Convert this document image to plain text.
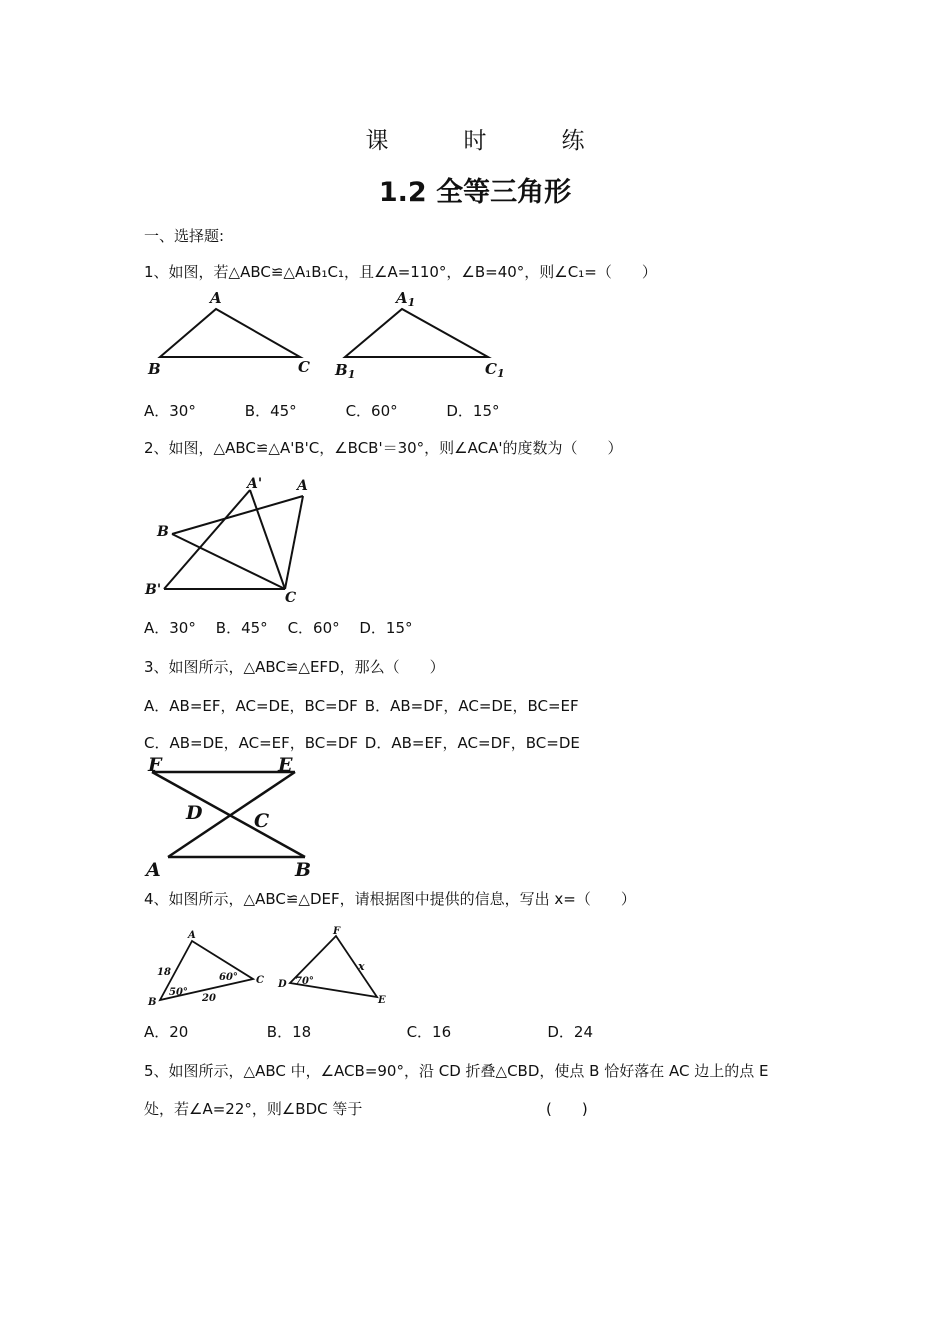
课　时　练
1.2 全等三角形
一、选择题:
1、如图，若△ABC≌△A₁B₁C₁，且∠A=110°，∠B=40°，则∠C₁=（　　）
A
B	C
$A_1$
$B_1$	$C_1$
A．30°	B．45°	C．60°	D．15°
2、如图，△ABC≌△A'B'C，∠BCB'＝30°，则∠ACA'的度数为（　　）
A' A
B
B'	C
A．30° B．45° C．60° D．15°
3、如图所示，△ABC≌△EFD，那么（　　）
A．AB=EF，AC=DE，BC=DF B．AB=DF，AC=DE，BC=EF
C．AB=DE，AC=EF，BC=DF D．AB=EF，AC=DF，BC=DE
F	E
D	C
A	B
4、如图所示，△ABC≌△DEF，请根据图中提供的信息，写出 x=（　　）
A
B
C
18
20
50°
60°
F
D
E
70°
x
A．20	B．18	C．16	D．24
5、如图所示，△ABC 中，∠ACB=90°，沿 CD 折叠△CBD，使点 B 恰好落在 AC 边上的点 E
处，若∠A=22°，则∠BDC 等于	(　　)
